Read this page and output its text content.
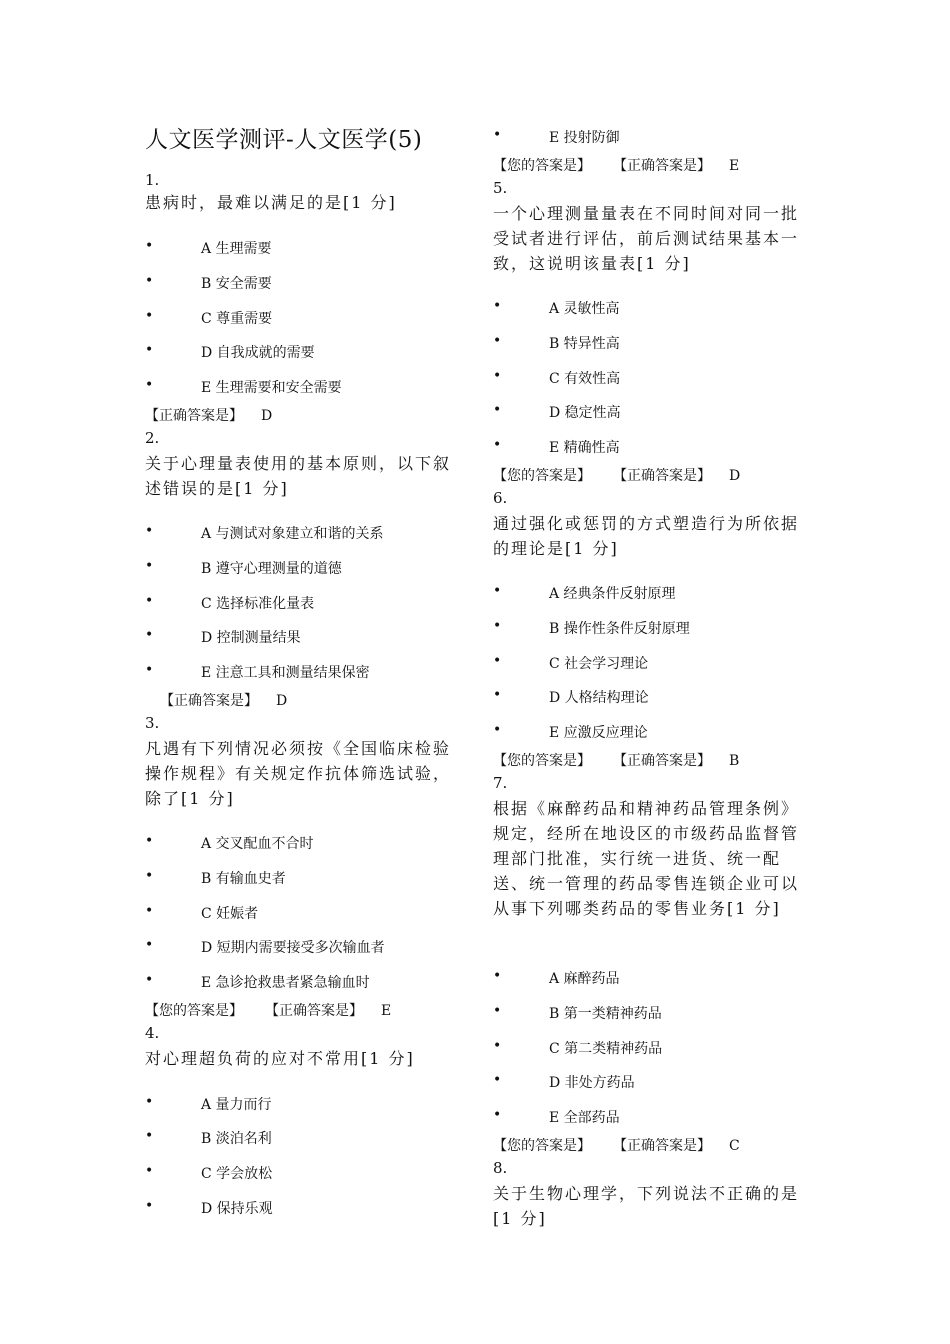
人文医学测评-人文医学(5)
1.
患病时，最难以满足的是[1 分]
•	A 生理需要
•	B 安全需要
•	C 尊重需要
•	D 自我成就的需要
•	E 生理需要和安全需要
【正确答案是】 D
2.
关于心理量表使用的基本原则，以下叙述错误的是[1 分]
•	A 与测试对象建立和谐的关系
•	B 遵守心理测量的道德
•	C 选择标准化量表
•	D 控制测量结果
•	E 注意工具和测量结果保密
【正确答案是】 D
3.
凡遇有下列情况必须按《全国临床检验操作规程》有关规定作抗体筛选试验，除了[1 分]
•	A 交叉配血不合时
•	B 有输血史者
•	C 妊娠者
•	D 短期内需要接受多次输血者
•	E 急诊抢救患者紧急输血时
【您的答案是】 【正确答案是】 E
4.
对心理超负荷的应对不常用[1 分]
•	A 量力而行
•	B 淡泊名利
•	C 学会放松
•	D 保持乐观
•	E 投射防御
【您的答案是】 【正确答案是】 E
5.
一个心理测量量表在不同时间对同一批受试者进行评估，前后测试结果基本一致，这说明该量表[1 分]
•	A 灵敏性高
•	B 特异性高
•	C 有效性高
•	D 稳定性高
•	E 精确性高
【您的答案是】 【正确答案是】 D
6.
通过强化或惩罚的方式塑造行为所依据的理论是[1 分]
•	A 经典条件反射原理
•	B 操作性条件反射原理
•	C 社会学习理论
•	D 人格结构理论
•	E 应激反应理论
【您的答案是】 【正确答案是】 B
7.
根据《麻醉药品和精神药品管理条例》规定，经所在地设区的市级药品监督管理部门批准，实行统一进货、统一配送、统一管理的药品零售连锁企业可以从事下列哪类药品的零售业务[1 分]
•	A 麻醉药品
•	B 第一类精神药品
•	C 第二类精神药品
•	D 非处方药品
•	E 全部药品
【您的答案是】 【正确答案是】 C
8.
关于生物心理学，下列说法不正确的是[1 分]
